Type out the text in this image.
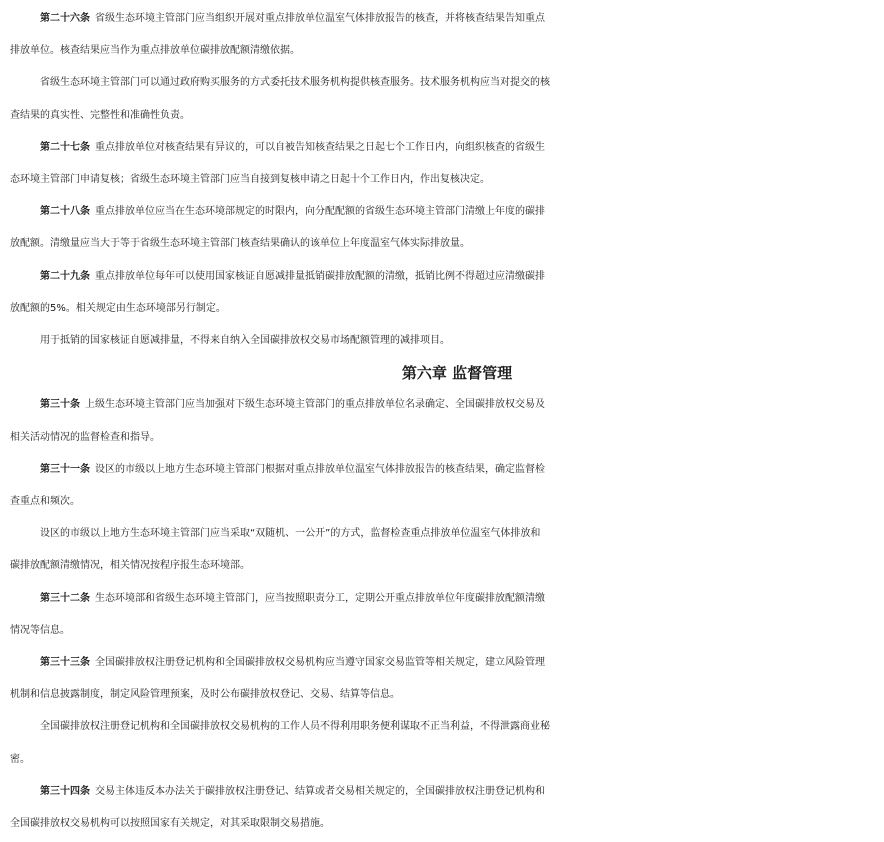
第二十六条  省级生态环境主管部门应当组织开展对重点排放单位温室气体排放报告的核查，并将核查结果告知重点
排放单位。核查结果应当作为重点排放单位碳排放配额清缴依据。
省级生态环境主管部门可以通过政府购买服务的方式委托技术服务机构提供核查服务。技术服务机构应当对提交的核
查结果的真实性、完整性和准确性负责。
第二十七条  重点排放单位对核查结果有异议的，可以自被告知核查结果之日起七个工作日内，向组织核查的省级生
态环境主管部门申请复核；省级生态环境主管部门应当自接到复核申请之日起十个工作日内，作出复核决定。
第二十八条  重点排放单位应当在生态环境部规定的时限内，向分配配额的省级生态环境主管部门清缴上年度的碳排
放配额。清缴量应当大于等于省级生态环境主管部门核查结果确认的该单位上年度温室气体实际排放量。
第二十九条  重点排放单位每年可以使用国家核证自愿减排量抵销碳排放配额的清缴，抵销比例不得超过应清缴碳排
放配额的5%。相关规定由生态环境部另行制定。
用于抵销的国家核证自愿减排量，不得来自纳入全国碳排放权交易市场配额管理的减排项目。
第六章 监督管理
第三十条  上级生态环境主管部门应当加强对下级生态环境主管部门的重点排放单位名录确定、全国碳排放权交易及
相关活动情况的监督检查和指导。
第三十一条  设区的市级以上地方生态环境主管部门根据对重点排放单位温室气体排放报告的核查结果，确定监督检
查重点和频次。
设区的市级以上地方生态环境主管部门应当采取“双随机、一公开”的方式，监督检查重点排放单位温室气体排放和
碳排放配额清缴情况，相关情况按程序报生态环境部。
第三十二条  生态环境部和省级生态环境主管部门，应当按照职责分工，定期公开重点排放单位年度碳排放配额清缴
情况等信息。
第三十三条  全国碳排放权注册登记机构和全国碳排放权交易机构应当遵守国家交易监管等相关规定，建立风险管理
机制和信息披露制度，制定风险管理预案，及时公布碳排放权登记、交易、结算等信息。
全国碳排放权注册登记机构和全国碳排放权交易机构的工作人员不得利用职务便利谋取不正当利益，不得泄露商业秘
密。
第三十四条  交易主体违反本办法关于碳排放权注册登记、结算或者交易相关规定的，全国碳排放权注册登记机构和
全国碳排放权交易机构可以按照国家有关规定，对其采取限制交易措施。
